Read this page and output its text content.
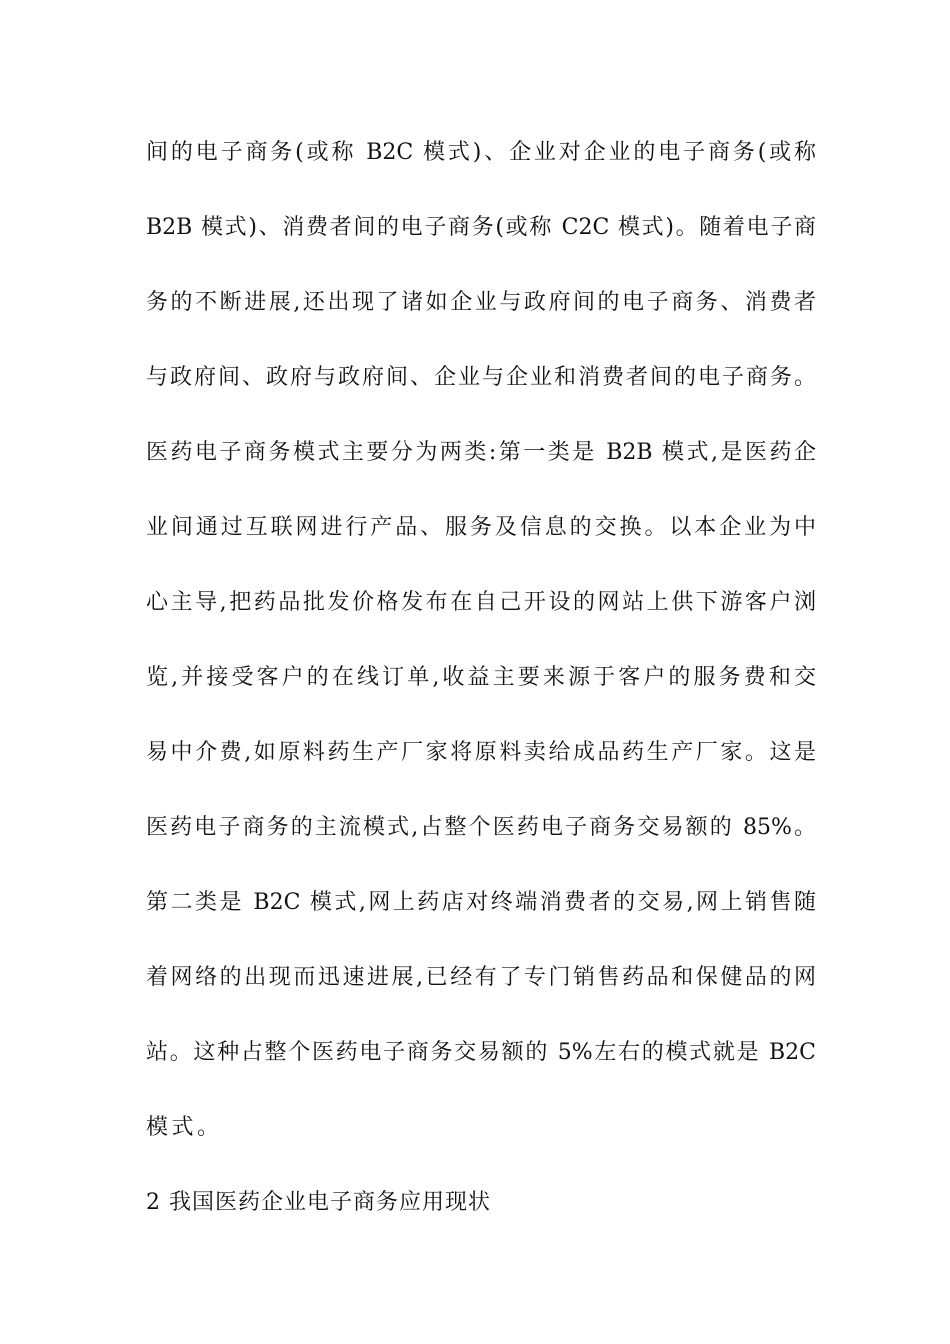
间的电子商务(或称 B2C 模式)、企业对企业的电子商务(或称
B2B 模式)、消费者间的电子商务(或称 C2C 模式)。随着电子商
务的不断进展,还出现了诸如企业与政府间的电子商务、消费者
与政府间、政府与政府间、企业与企业和消费者间的电子商务。
医药电子商务模式主要分为两类:第一类是 B2B 模式,是医药企
业间通过互联网进行产品、服务及信息的交换。以本企业为中
心主导,把药品批发价格发布在自己开设的网站上供下游客户浏
览,并接受客户的在线订单,收益主要来源于客户的服务费和交
易中介费,如原料药生产厂家将原料卖给成品药生产厂家。这是
医药电子商务的主流模式,占整个医药电子商务交易额的 85%。
第二类是 B2C 模式,网上药店对终端消费者的交易,网上销售随
着网络的出现而迅速进展,已经有了专门销售药品和保健品的网
站。这种占整个医药电子商务交易额的 5%左右的模式就是 B2C
模式。
2 我国医药企业电子商务应用现状
